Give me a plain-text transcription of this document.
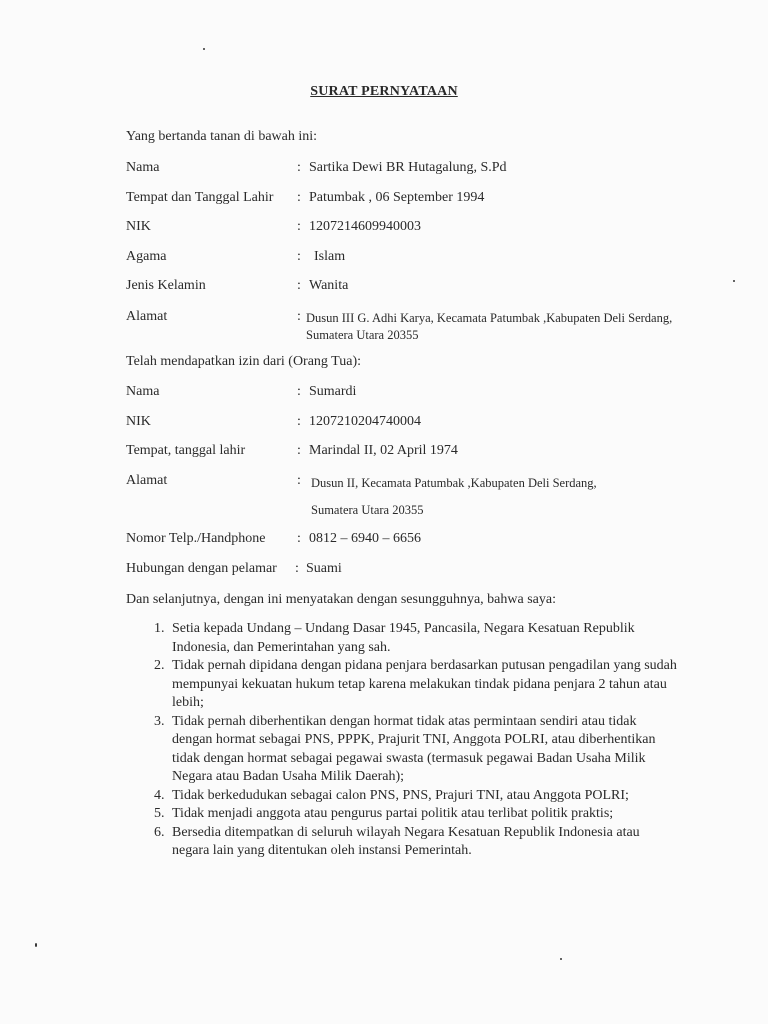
SURAT PERNYATAAN
Yang bertanda tanan di bawah ini:
Nama	: Sartika Dewi BR Hutagalung, S.Pd
Tempat dan Tanggal Lahir : Patumbak , 06 September 1994
NIK	: 1207214609940003
Agama	: Islam
Jenis Kelamin	: Wanita
Alamat	: Dusun III G. Adhi Karya, Kecamata Patumbak ,Kabupaten Deli Serdang, Sumatera Utara 20355
Telah mendapatkan izin dari (Orang Tua):
Nama	: Sumardi
NIK	: 1207210204740004
Tempat, tanggal lahir	: Marindal II, 02 April 1974
Alamat	: Dusun II, Kecamata Patumbak ,Kabupaten Deli Serdang,
Sumatera Utara 20355
Nomor Telp./Handphone : 0812 – 6940 – 6656
Hubungan dengan pelamar : Suami
Dan selanjutnya, dengan ini menyatakan dengan sesungguhnya, bahwa saya:
1. Setia kepada Undang – Undang Dasar 1945, Pancasila, Negara Kesatuan Republik Indonesia, dan Pemerintahan yang sah.
2. Tidak pernah dipidana dengan pidana penjara berdasarkan putusan pengadilan yang sudah mempunyai kekuatan hukum tetap karena melakukan tindak pidana penjara 2 tahun atau lebih;
3. Tidak pernah diberhentikan dengan hormat tidak atas permintaan sendiri atau tidak dengan hormat sebagai PNS, PPPK, Prajurit TNI, Anggota POLRI, atau diberhentikan tidak dengan hormat sebagai pegawai swasta (termasuk pegawai Badan Usaha Milik Negara atau Badan Usaha Milik Daerah);
4. Tidak berkedudukan sebagai calon PNS, PNS, Prajuri TNI, atau Anggota POLRI;
5. Tidak menjadi anggota atau pengurus partai politik atau terlibat politik praktis;
6. Bersedia ditempatkan di seluruh wilayah Negara Kesatuan Republik Indonesia atau negara lain yang ditentukan oleh instansi Pemerintah.
